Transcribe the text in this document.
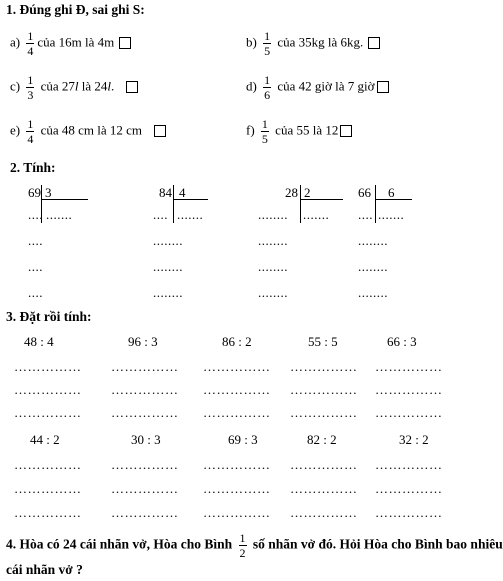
1. Đúng ghi Đ, sai ghi S:
$a) \frac{1}{4}$ của 16m là 4m	$b) \frac{1}{5}$ của 35kg là 6kg.
$c) \frac{1}{3}$ của 27l là 24l.	$d) \frac{1}{6}$ của 42 giờ là 7 giờ
$e) \frac{1}{4}$ của 48 cm là 12 cm	$f) \frac{1}{5}$ của 55 là 12
2. Tính:
69 3
.... .......
....
....
....
84 4
.... .......
........
........
........
28 2
........ .......
........
........
........
66 6
.... .......
........
........
........
3. Đặt rồi tính:
48 : 4	96 : 3	86 : 2	55 : 5	66 : 3
…………… …………… …………… …………… ……………
…………… …………… …………… …………… ……………
…………… …………… …………… …………… ……………
44 : 2	30 : 3	69 : 3	82 : 2	32 : 2
…………… …………… …………… …………… ……………
…………… …………… …………… …………… ……………
…………… …………… …………… …………… ……………
4. Hòa có 24 cái nhãn vở, Hòa cho Bình $\frac{1}{2}$ số nhãn vở đó. Hỏi Hòa cho Bình bao nhiêu
cái nhãn vở ?
